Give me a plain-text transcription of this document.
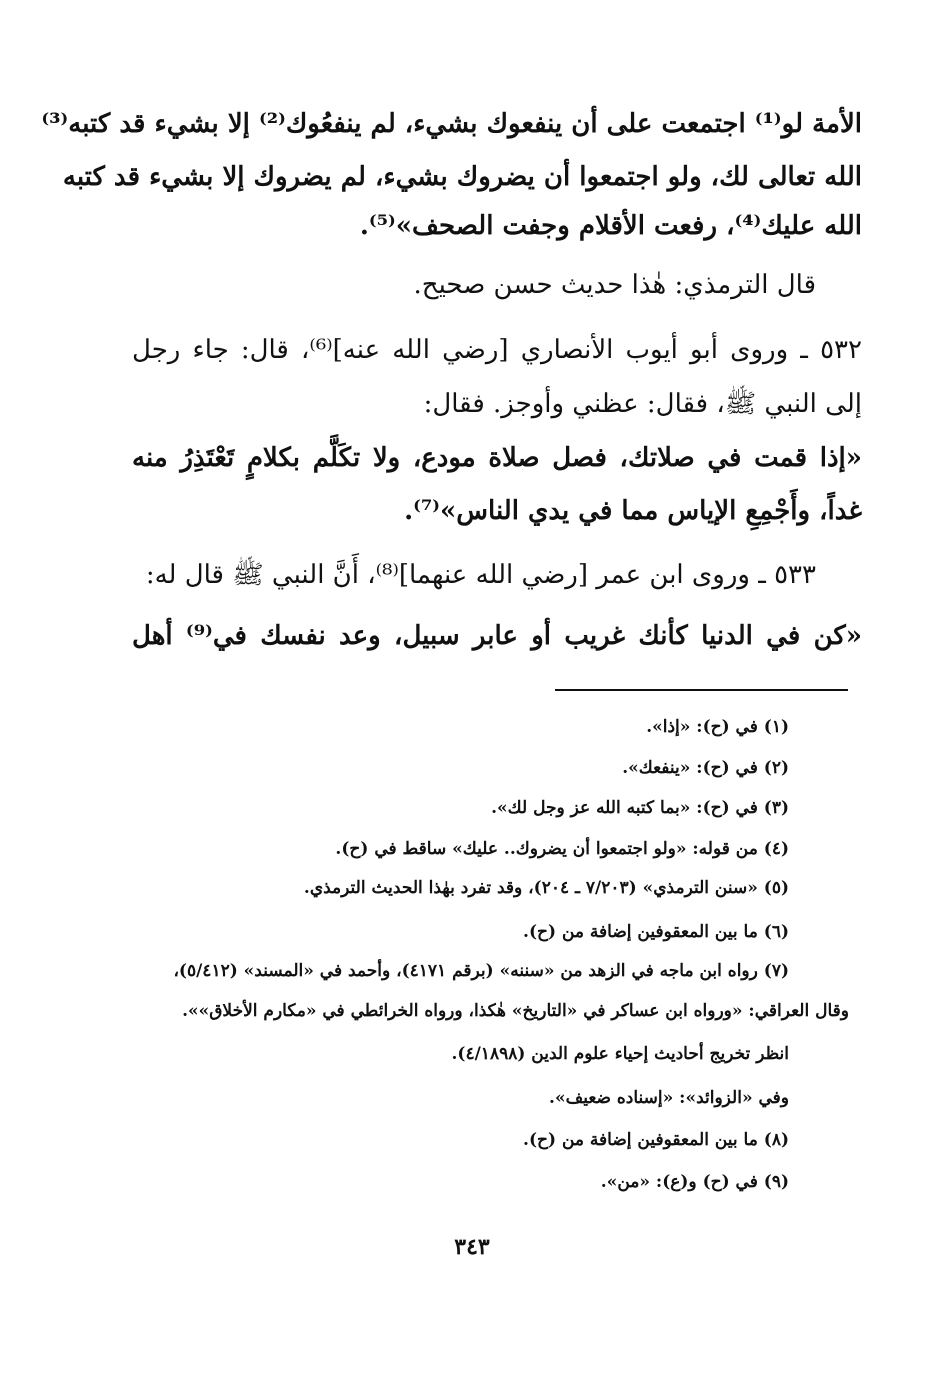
الأمة لو⁽¹⁾ اجتمعت على أن ينفعوك بشيء، لم ينفعُوك⁽²⁾ إلا بشيء قد كتبه⁽³⁾
الله تعالى لك، ولو اجتمعوا أن يضروك بشيء، لم يضروك إلا بشيء قد كتبه
الله عليك⁽⁴⁾، رفعت الأقلام وجفت الصحف»⁽⁵⁾.
قال الترمذي: هٰذا حديث حسن صحيح.
٥٣٢ ـ وروى أبو أيوب الأنصاري [رضي الله عنه]⁽⁶⁾، قال: جاء رجل
إلى النبي ﷺ، فقال: عظني وأوجز. فقال:
«إذا قمت في صلاتك، فصل صلاة مودع، ولا تكَلَّم بكلامٍ تَعْتَذِرُ منه
غداً، وأَجْمِعِ الإياس مما في يدي الناس»⁽⁷⁾.
٥٣٣ ـ وروى ابن عمر [رضي الله عنهما]⁽⁸⁾، أَنَّ النبي ﷺ قال له:
«كن في الدنيا كأنك غريب أو عابر سبيل، وعد نفسك في⁽⁹⁾ أهل
(١) في (ح): «إذا».
(٢) في (ح): «ينفعك».
(٣) في (ح): «بما كتبه الله عز وجل لك».
(٤) من قوله: «ولو اجتمعوا أن يضروك.. عليك» ساقط في (ح).
(٥) «سنن الترمذي» (٧/٢٠٣ ـ ٢٠٤)، وقد تفرد بهٰذا الحديث الترمذي.
(٦) ما بين المعقوفين إضافة من (ح).
(٧) رواه ابن ماجه في الزهد من «سننه» (برقم ٤١٧١)، وأحمد في «المسند» (٥/٤١٢)،
وقال العراقي: «ورواه ابن عساكر في «التاريخ» هٰكذا، ورواه الخرائطي في «مكارم الأخلاق»».
انظر تخريج أحاديث إحياء علوم الدين (٤/١٨٩٨).
وفي «الزوائد»: «إسناده ضعيف».
(٨) ما بين المعقوفين إضافة من (ح).
(٩) في (ح) و(ع): «من».
٣٤٣
